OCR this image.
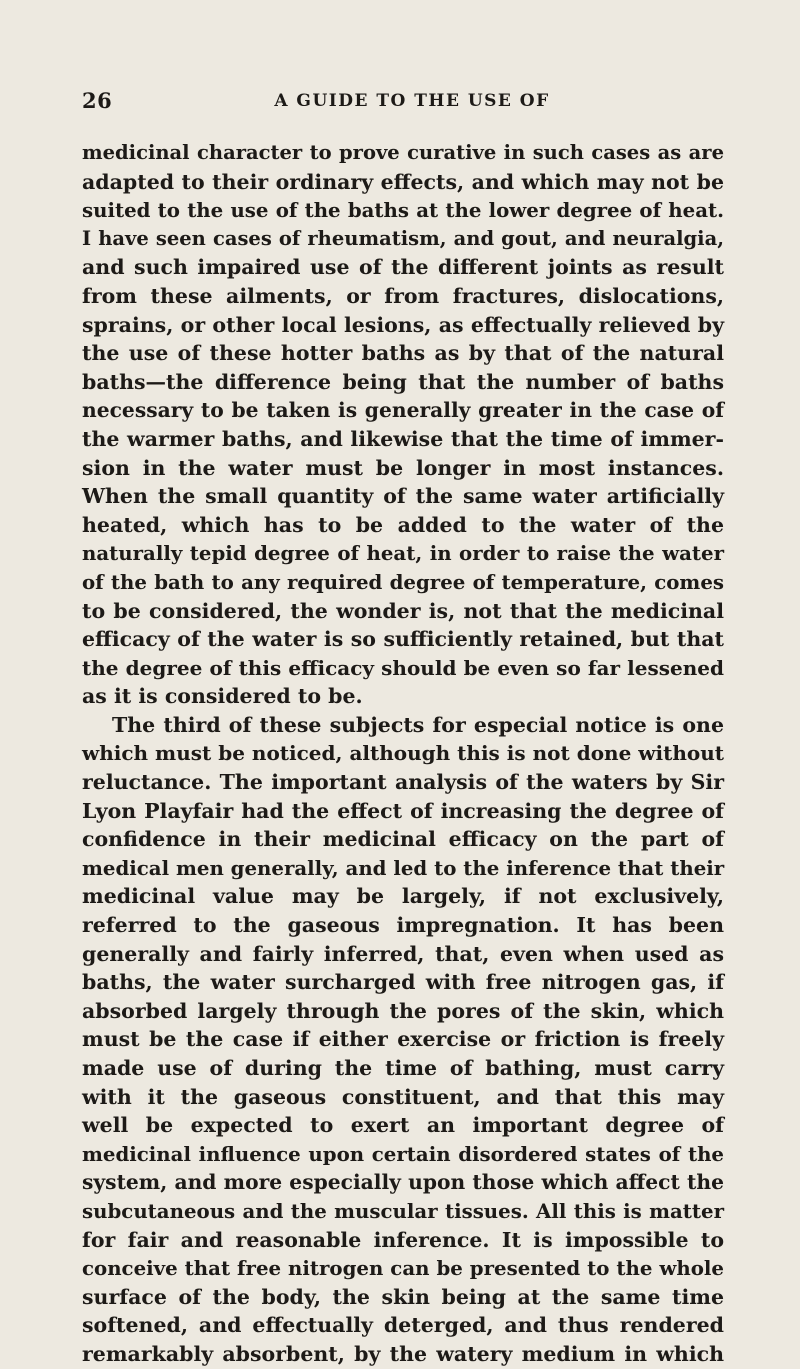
26	A GUIDE TO THE USE OF
medicinal character to prove curative in such cases as are
adapted to their ordinary effects, and which may not be
suited to the use of the baths at the lower degree of heat.
I have seen cases of rheumatism, and gout, and neuralgia,
and such impaired use of the different joints as result
from these ailments, or from fractures, dislocations,
sprains, or other local lesions, as effectually relieved by
the use of these hotter baths as by that of the natural
baths—the difference being that the number of baths
necessary to be taken is generally greater in the case of
the warmer baths, and likewise that the time of immer-
sion in the water must be longer in most instances.
When the small quantity of the same water artificially
heated, which has to be added to the water of the
naturally tepid degree of heat, in order to raise the water
of the bath to any required degree of temperature, comes
to be considered, the wonder is, not that the medicinal
efficacy of the water is so sufficiently retained, but that
the degree of this efficacy should be even so far lessened
as it is considered to be.
The third of these subjects for especial notice is one
which must be noticed, although this is not done without
reluctance. The important analysis of the waters by Sir
Lyon Playfair had the effect of increasing the degree of
confidence in their medicinal efficacy on the part of
medical men generally, and led to the inference that their
medicinal value may be largely, if not exclusively,
referred to the gaseous impregnation. It has been
generally and fairly inferred, that, even when used as
baths, the water surcharged with free nitrogen gas, if
absorbed largely through the pores of the skin, which
must be the case if either exercise or friction is freely
made use of during the time of bathing, must carry
with it the gaseous constituent, and that this may
well be expected to exert an important degree of
medicinal influence upon certain disordered states of the
system, and more especially upon those which affect the
subcutaneous and the muscular tissues. All this is matter
for fair and reasonable inference. It is impossible to
conceive that free nitrogen can be presented to the whole
surface of the body, the skin being at the same time
softened, and effectually deterged, and thus rendered
remarkably absorbent, by the watery medium in which
